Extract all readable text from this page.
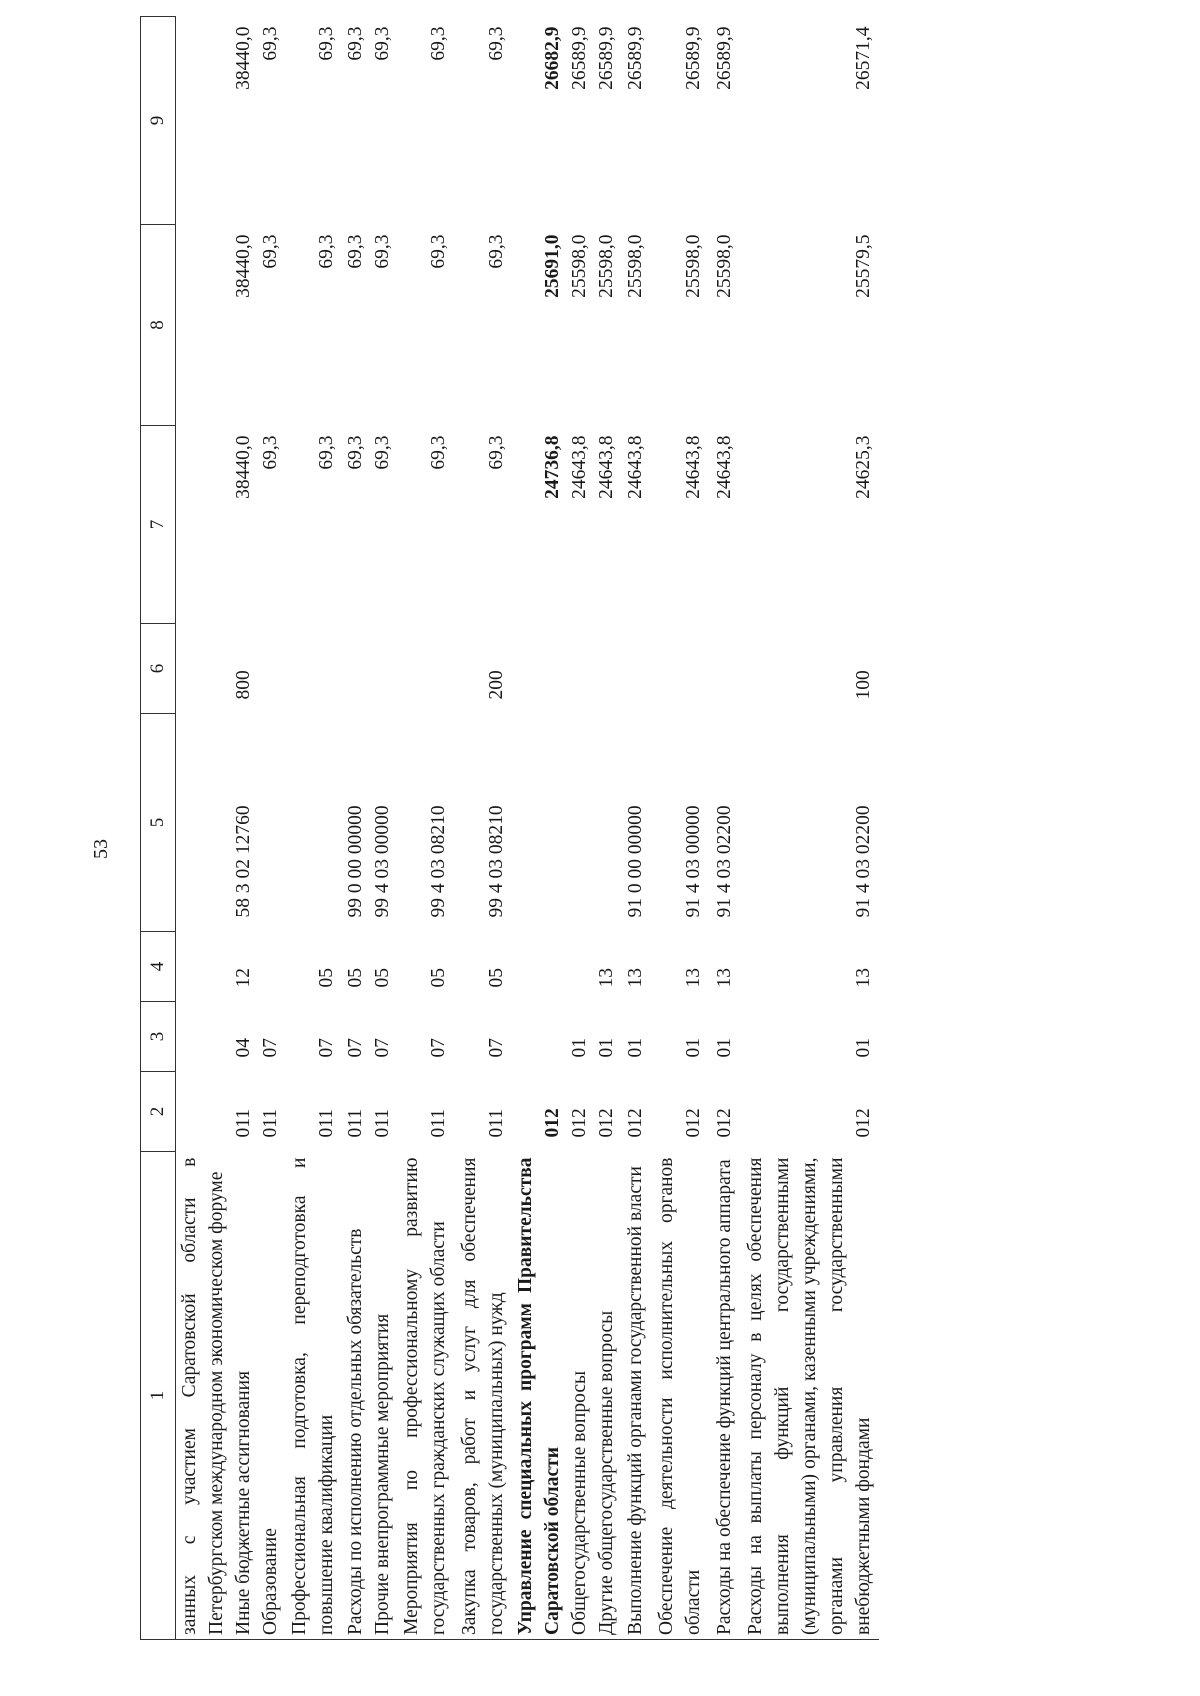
53
1	2	3	4	5	6	7	8	9
занных с участием Саратовской области в Петербургском международном экономическом форуме								
Иные бюджетные ассигнования	011	04	12	58 3 02 12760	800	38440,0	38440,0	38440,0
Образование	011	07				69,3	69,3	69,3
Профессиональная подготовка, переподготовка и повышение квалификации	011	07	05			69,3	69,3	69,3
Расходы по исполнению отдельных обязательств	011	07	05	99 0 00 00000		69,3	69,3	69,3
Прочие внепрограммные мероприятия	011	07	05	99 4 03 00000		69,3	69,3	69,3
Мероприятия по профессиональному развитию государственных гражданских служащих области	011	07	05	99 4 03 08210		69,3	69,3	69,3
Закупка товаров, работ и услуг для обеспечения государственных (муниципальных) нужд	011	07	05	99 4 03 08210	200	69,3	69,3	69,3
Управление специальных программ Правительства Саратовской области	012					24736,8	25691,0	26682,9
Общегосударственные вопросы	012	01				24643,8	25598,0	26589,9
Другие общегосударственные вопросы	012	01	13			24643,8	25598,0	26589,9
Выполнение функций органами государственной власти	012	01	13	91 0 00 00000		24643,8	25598,0	26589,9
Обеспечение деятельности исполнительных органов области	012	01	13	91 4 03 00000		24643,8	25598,0	26589,9
Расходы на обеспечение функций центрального аппарата	012	01	13	91 4 03 02200		24643,8	25598,0	26589,9
Расходы на выплаты персоналу в целях обеспечения выполнения функций государственными (муниципальными) органами, казенными учреждениями, органами управления государственными внебюджетными фондами	012	01	13	91 4 03 02200	100	24625,3	25579,5	26571,4
